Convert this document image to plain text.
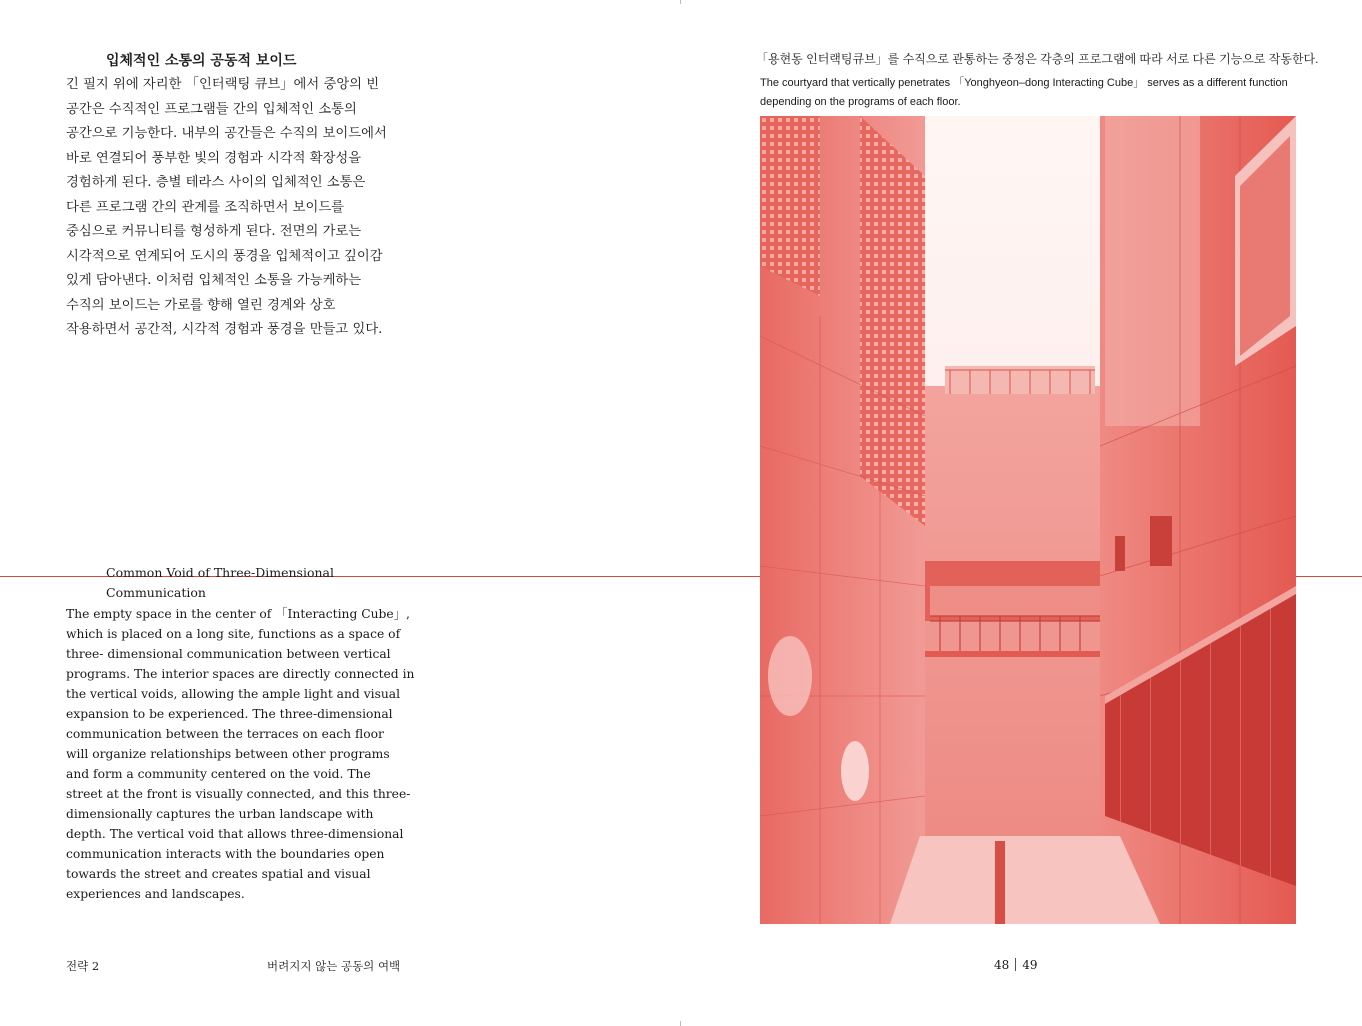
입체적인 소통의 공동적 보이드
긴 필지 위에 자리한 「인터랙팅 큐브」에서 중앙의 빈
공간은 수직적인 프로그램들 간의 입체적인 소통의
공간으로 기능한다. 내부의 공간들은 수직의 보이드에서
바로 연결되어 풍부한 빛의 경험과 시각적 확장성을
경험하게 된다. 층별 테라스 사이의 입체적인 소통은
다른 프로그램 간의 관계를 조직하면서 보이드를
중심으로 커뮤니티를 형성하게 된다. 전면의 가로는
시각적으로 연계되어 도시의 풍경을 입체적이고 깊이감
있게 담아낸다. 이처럼 입체적인 소통을 가능케하는
수직의 보이드는 가로를 향해 열린 경계와 상호
작용하면서 공간적, 시각적 경험과 풍경을 만들고 있다.
Common Void of Three-Dimensional
Communication
The empty space in the center of 「Interacting Cube」,
which is placed on a long site, functions as a space of
three- dimensional communication between vertical
programs. The interior spaces are directly connected in
the vertical voids, allowing the ample light and visual
expansion to be experienced. The three-dimensional
communication between the terraces on each floor
will organize relationships between other programs
and form a community centered on the void. The
street at the front is visually connected, and this three-
dimensionally captures the urban landscape with
depth. The vertical void that allows three-dimensional
communication interacts with the boundaries open
towards the street and creates spatial and visual
experiences and landscapes.
「용현동 인터랙팅큐브」를 수직으로 관통하는 중정은 각층의 프로그램에 따라 서로 다른 기능으로 작동한다.
The courtyard that vertically penetrates 「Yonghyeon–dong Interacting Cube」 serves as a different function
depending on the programs of each floor.
전략 2	버려지지 않는 공동의 여백	48 49
